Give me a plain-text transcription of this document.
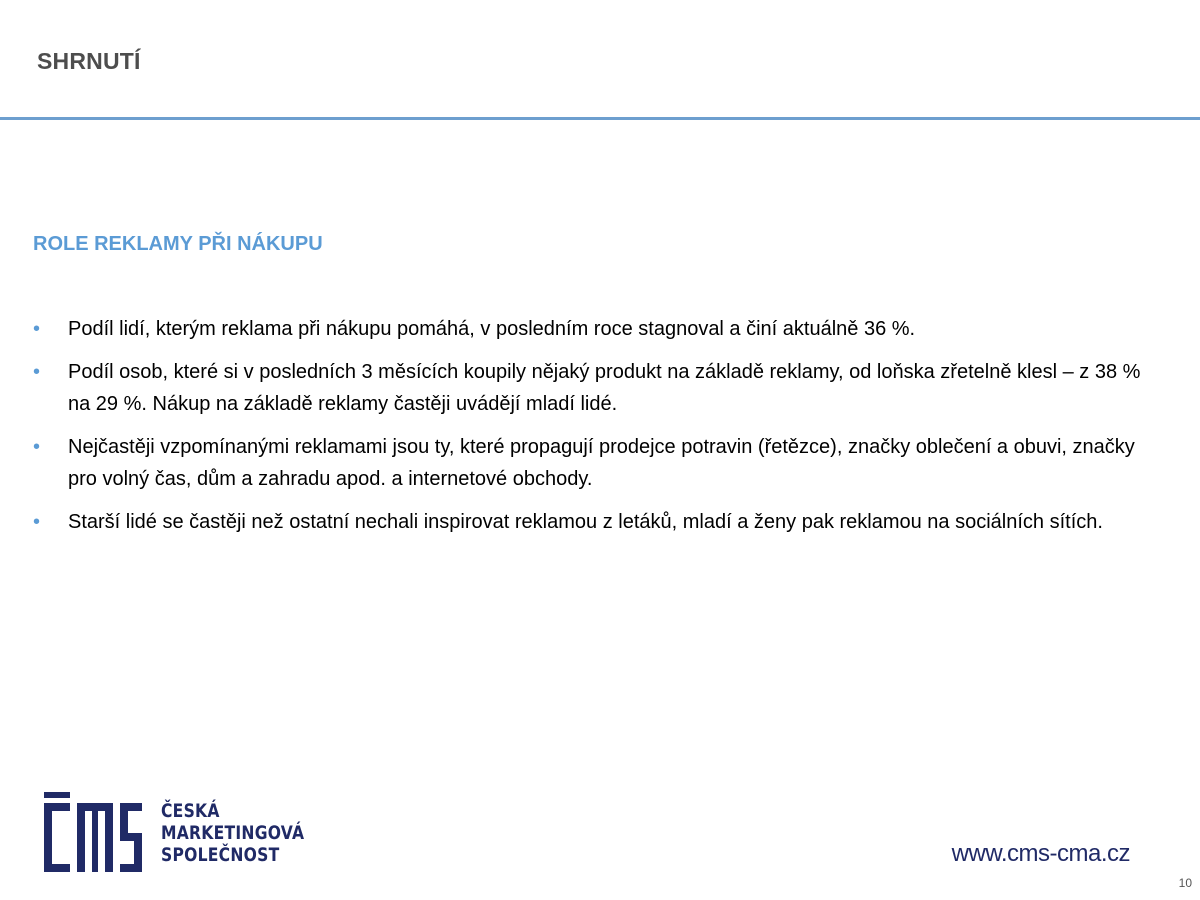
SHRNUTÍ
ROLE REKLAMY PŘI NÁKUPU
• Podíl lidí, kterým reklama při nákupu pomáhá, v posledním roce stagnoval a činí aktuálně 36 %.
• Podíl osob, které si v posledních 3 měsících koupily nějaký produkt na základě reklamy, od loňska zřetelně klesl – z 38 % na 29 %. Nákup na základě reklamy častěji uvádějí mladí lidé.
• Nejčastěji vzpomínanými reklamami jsou ty, které propagují prodejce potravin (řetězce), značky oblečení a obuvi, značky pro volný čas, dům a zahradu apod. a internetové obchody.
• Starší lidé se častěji než ostatní nechali inspirovat reklamou z letáků, mladí a ženy pak reklamou na sociálních sítích.
ČESKÁ
MARKETINGOVÁ
SPOLEČNOST	www.cms-cma.cz
10
